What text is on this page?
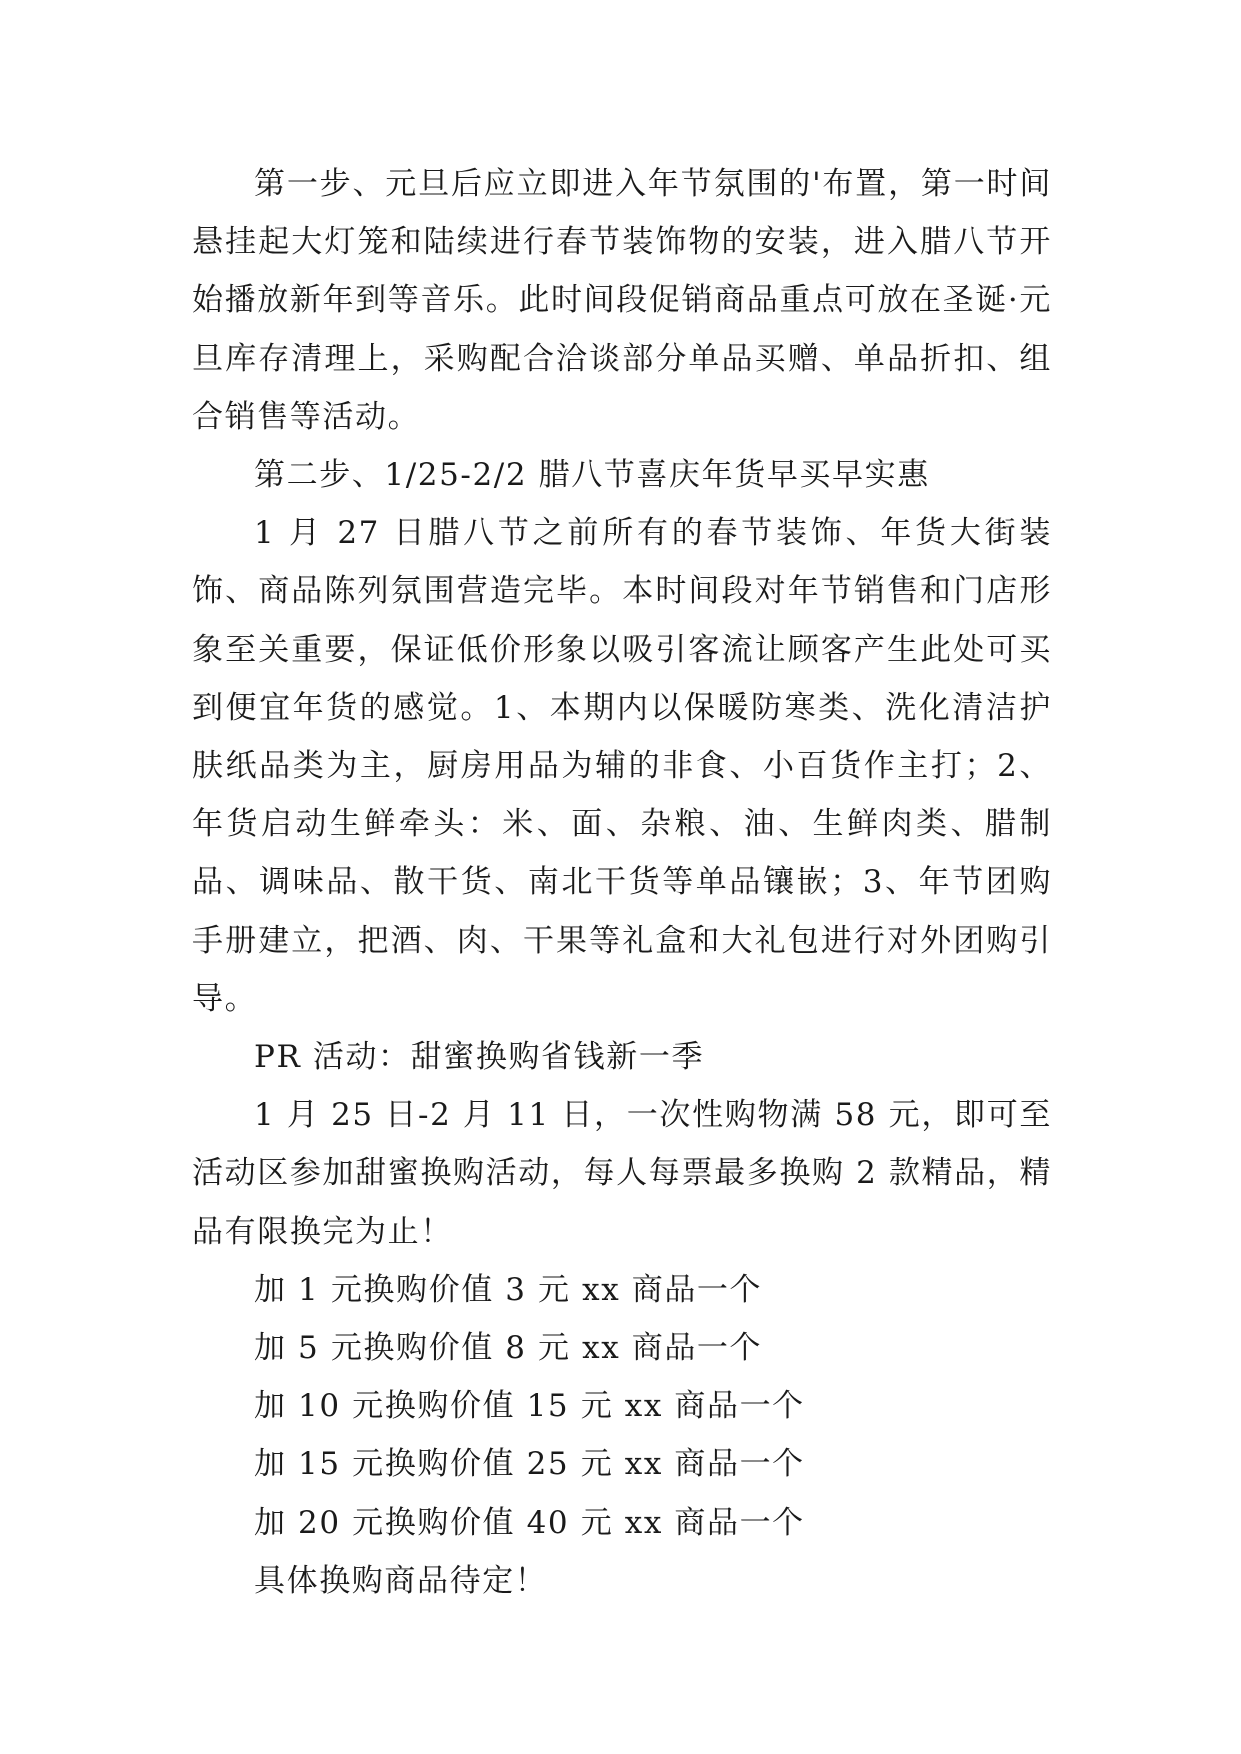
第一步、元旦后应立即进入年节氛围的'布置，第一时间悬挂起大灯笼和陆续进行春节装饰物的安装，进入腊八节开始播放新年到等音乐。此时间段促销商品重点可放在圣诞·元旦库存清理上，采购配合洽谈部分单品买赠、单品折扣、组合销售等活动。

第二步、1/25-2/2 腊八节喜庆年货早买早实惠

1 月 27 日腊八节之前所有的春节装饰、年货大街装饰、商品陈列氛围营造完毕。本时间段对年节销售和门店形象至关重要，保证低价形象以吸引客流让顾客产生此处可买到便宜年货的感觉。1、本期内以保暖防寒类、洗化清洁护肤纸品类为主，厨房用品为辅的非食、小百货作主打；2、年货启动生鲜牵头：米、面、杂粮、油、生鲜肉类、腊制品、调味品、散干货、南北干货等单品镶嵌；3、年节团购手册建立，把酒、肉、干果等礼盒和大礼包进行对外团购引导。

PR 活动：甜蜜换购省钱新一季

1 月 25 日-2 月 11 日，一次性购物满 58 元，即可至活动区参加甜蜜换购活动，每人每票最多换购 2 款精品，精品有限换完为止！

加 1 元换购价值 3 元 xx 商品一个

加 5 元换购价值 8 元 xx 商品一个

加 10 元换购价值 15 元 xx 商品一个

加 15 元换购价值 25 元 xx 商品一个

加 20 元换购价值 40 元 xx 商品一个

具体换购商品待定！
